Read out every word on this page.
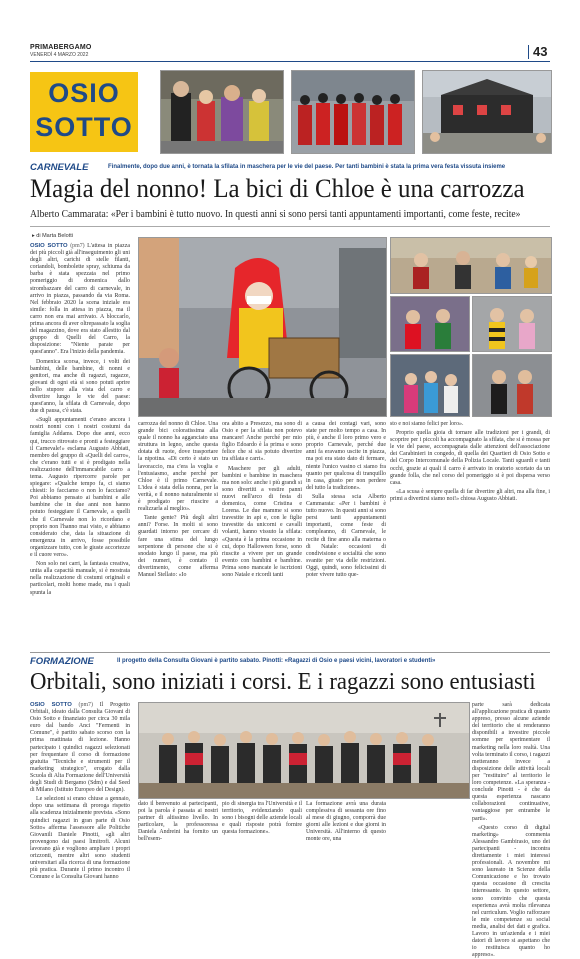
PRIMABERGAMO
VENERDÌ 4 MARZO 2022	43
OSIO
SOTTO
CARNEVALE	Finalmente, dopo due anni, è tornata la sfilata in maschera per le vie del paese. Per tanti bambini è stata la prima vera festa vissuta insieme
Magia del nonno! La bici di Chloe è una carrozza
Alberto Cammarata: «Per i bambini è tutto nuovo. In questi anni si sono persi tanti appuntamenti importanti, come feste, recite»
▸ di Marta Belotti

OSIO SOTTO (pm7) L'attesa in piazza dei più piccoli già all'inseguimento gli uni degli altri, carichi di stelle filanti, coriandoli, bombolette spray, schiuma da barba è stata spezzata nel primo pomeriggio di domenica dallo strombazzare del carro di carnevale, in arrivo in piazza, passando da via Roma. Nel febbraio 2020 la scena iniziale era simile: folla in attesa in piazza, ma il carro non era mai arrivato. A bloccarlo, prima ancora di aver oltrepassato la soglia del magazzino, dove era stato allestito dal gruppo di Quelli del Carro, la disposizione: "Niente parate per quest'anno". Era l'inizio della pandemia.

Domenica scorsa, invece, i volti dei bambini, delle bambine, di nonni e genitori, ma anche di ragazzi, ragazze, giovani di ogni età si sono potuti aprire nello stupore alla vista del carro e divertire lungo le vie del paese: quest'anno, la sfilata di Carnevale, dopo due di pausa, c'è stata.

«Sugli appuntamenti c'erano ancora i nostri nonni con i nostri costumi da famiglia Addams. Dopo due anni, ecco qui, trucco ritrovato e pronti a festeggiare il Carnevale!» esclama Augusto Abbiati, membro del gruppo di «Quelli del carro», che c'erano tutti e si è prodigato nella realizzazione dell'immancabile carro a tema. Augusto ripercorre parole per spiegare: «Qualche tempo fa, ci siamo chiesti: lo facciamo o non lo facciamo? Poi abbiamo pensato ai bambini e alle bambine che in due anni non hanno potuto festeggiare il Carnevale, a quelli che il Carnevale non lo ricordano e proprio non l'hanno mai visto, e abbiamo considerato che, data la situazione di emergenza in arrivo, fosse possibile organizzare tutto, con le giuste accortezze e il cuore vero».

Non solo nei carri, la fantasia creativa, unita alla capacità manuale, si è mostrata nella realizzazione di costumi originali e particolari, molti home made, ma i quali spunta la

carrozza del nonno di Chloe. Una grande bici coloratissima alla quale il nonno ha agganciato una struttura in legno, anche questa dotata di ruote, dove trasportare la nipotina. «Di certo è stato un lavoraccio, ma c'era la voglia e l'entusiasmo, anche perché per Chloe è il primo Carnevale. L'idea è stata della nonna, per la verità, e il nonno naturalmente si è prodigato per riuscire a realizzarla al meglio».

Tante gente? Più degli altri anni? Forse. In molti si sono guardati intorno per cercare di fare una stima del lungo serpentone di persone che si è snodato lungo il paese, ma più dei numeri, è contato il divertimento, come afferma Manuel Stellato: «Io

ora abito a Presezzo, ma sono di Osio e per la sfilata non potevo mancare! Anche perché per mio figlio Edoardo è la prima e sono felice che si sia potuto divertire tra sfilata e carri».

Maschere per gli adulti, bambini e bambine in maschera ma non solo: anche i più grandi si sono divertiti a vestire panni nuovi nell'arco di festa di domenica, come Cristina e Lorena. Le due mamme si sono travestite in api e, con le figlie travestite da unicorni e cavalli volanti, hanno vissuto la sfilata: «Questa è la prima occasione in cui, dopo Halloween forse, sono riuscite a vivere per un grande evento con bambini e bambine. Prima sono mancate le iscrizioni sono Natale e ricordi tanti

a causa dei contagi vari, sono state per molto tempo a casa. In più, è anche il loro primo vero e proprio Carnevale, perché due anni fa eravamo uscite in piazza, ma poi era stato dato di fermare, niente l'unico vasino ci siamo fra quanto per qualcosa di tranquillo in casa, giusto per non perdere del tutto la tradizione».

Sulla stessa scia Alberto Cammarata: «Per i bambini è tutto nuovo. In questi anni si sono persi tanti appuntamenti importanti, come feste di compleanno, di Carnevale, le recite di fine anno alla materna o di Natale: occasioni di condivisione e socialità che sono svanite per via delle restrizioni. Oggi, quindi, sono felicissimi di poter vivere tutto que-

sto e noi siamo felici per loro».

Proprio quella gioia di tornare alle tradizioni per i grandi, di scoprire per i piccoli ha accompagnato la sfilata, che si è mossa per le vie del paese, accompagnata dalle attenzioni dell'associazione dei Carabinieri in congedo, di quella dei Quartieri di Osio Sotto e del Corpo Intercomunale della Polizia Locale. Tanti sguardi e tanti occhi, grazie ai quali il carro è arrivato in oratorio scortato da un grande folla, che nel corso del pomeriggio si è poi dispersa verso casa.

«La scusa è sempre quella di far divertire gli altri, ma alla fine, i primi a divertirsi siamo noi!» chiosa Augusto Abbiati.

FORMAZIONE	Il progetto della Consulta Giovani è partito sabato. Pinotti: «Ragazzi di Osio e paesi vicini, lavoratori e studenti»
Orbitali, sono iniziati i corsi. E i ragazzi sono entusiasti

OSIO SOTTO (pm7) Il Progetto Orbitali, ideato dalla Consulta Giovani di Osio Sotto e finanziato per circa 30 mila euro dal bando Anci "Fermenti in Comune", è partito sabato scorso con la prima mattinata di lezione. Hanno partecipato i quindici ragazzi selezionati per frequentare il corso di formazione gratuita "Tecniche e strumenti per il marketing strategico", erogato dalla Scuola di Alta Formazione dell'Università degli Studi di Bergamo (Sdm) e dal Seed di Milano (Istituto Europeo del Design).

Le selezioni si erano chiuse a gennaio, dopo una settimana di proroga rispetto alla scadenza inizialmente prevista. «Sono quindici ragazzi in gran parte di Osio Sotto» afferma l'assessore alle Politiche Giovanili Daniele Pinotti, «gli altri provengono dai paesi limitrofi. Alcuni lavorano già e vogliono ampliare i propri orizzonti, mentre altri sono studenti universitari alla ricerca di una formazione più pratica. Durante il primo incontro il Comune e la Consulta Giovani hanno

dato il benvenuto ai partecipanti, poi la parola è passata ai nostri partner di altissimo livello. In particolare, la professoressa Daniela Andreini ha fornito un bell'esem-

pio di sinergia tra l'Università e il territorio, evidenziando quali sono i bisogni delle aziende locali e quali risposte potrà fornire questa formazione».

La formazione avrà una durata complessiva di sessanta ore fino al mese di giugno, comporrà due giorni alle lezioni e due giorni in Università. All'interno di questo monte ore, una

parte sarà dedicata all'applicazione pratica di quanto appreso, presso alcune aziende del territorio che si renderanno disponibili a investire piccole somme per sperimentare il marketing nella loro realtà. Una volta terminato il corso, i ragazzi metteranno invece a disposizione delle attività locali per "restituire" al territorio le loro competenze. «La speranza - conclude Pinotti - è che da questa esperienza nascano collaborazioni continuative, vantaggiose per entrambe le parti».

«Questo corso di digital marketing» commenta Alessandro Gambirasio, uno dei partecipanti - incontra direttamente i miei interessi professionali. A novembre mi sono laureato in Scienze della Comunicazione e ho trovato questa occasione di crescita interessante. In questo settore, sono convinto che questa esperienza avrà molta rilevanza nel curriculum. Voglio rafforzare le mie competenze su social media, analisi dei dati e grafica. Lavoro in un'azienda e i miei datori di lavoro si aspettano che io restituisca quanto ho appreso».
